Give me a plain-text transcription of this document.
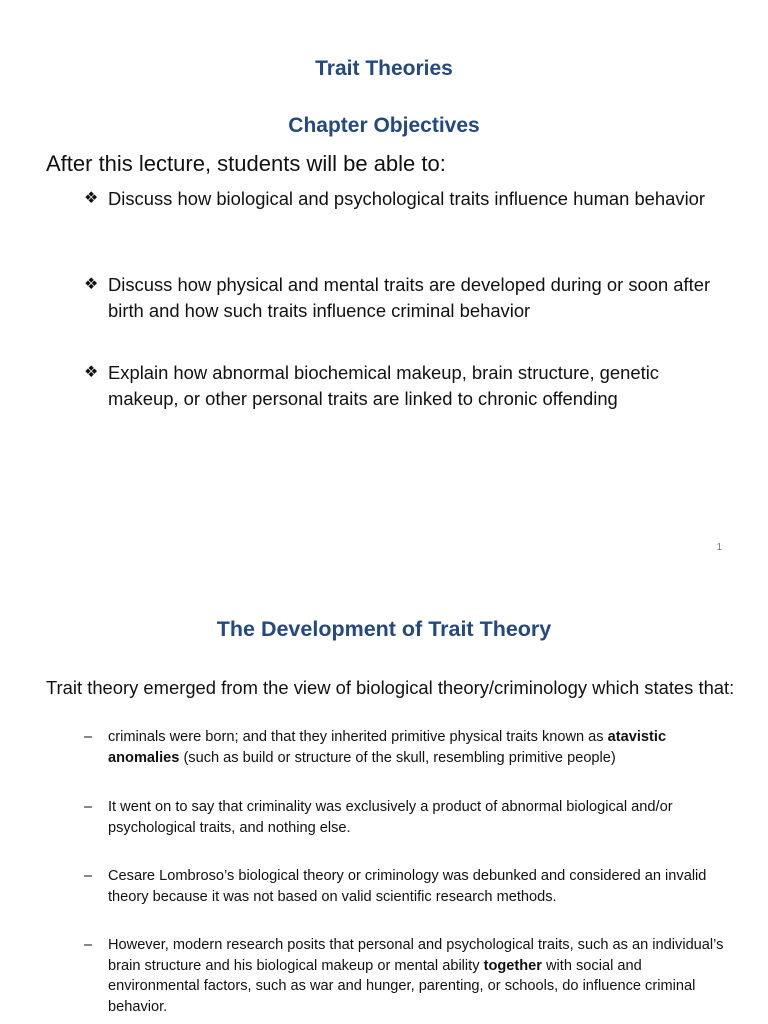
Trait Theories
Chapter Objectives
After this lecture, students will be able to:
❖ Discuss how biological and psychological traits influence human behavior
❖ Discuss how physical and mental traits are developed during or soon after birth and how such traits influence criminal behavior
❖ Explain how abnormal biochemical makeup, brain structure, genetic makeup, or other personal traits are linked to chronic offending
1
The Development of Trait Theory
Trait theory emerged from the view of biological theory/criminology which states that:
–	criminals were born; and that they inherited primitive physical traits known as atavistic anomalies (such as build or structure of the skull, resembling primitive people)
–	It went on to say that criminality was exclusively a product of abnormal biological and/or psychological traits, and nothing else.
–	Cesare Lombroso’s biological theory or criminology was debunked and considered an invalid theory because it was not based on valid scientific research methods.
–	However, modern research posits that personal and psychological traits, such as an individual’s brain structure and his biological makeup or mental ability together with social and environmental factors, such as war and hunger, parenting, or schools, do influence criminal behavior.
